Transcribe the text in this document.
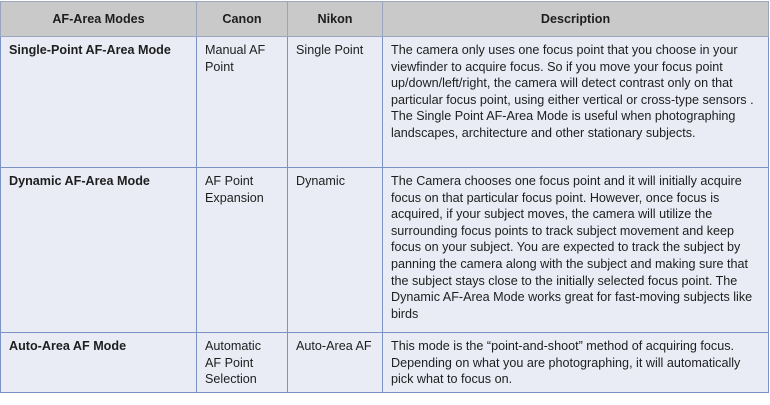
AF-Area Modes	Canon	Nikon	Description
Single-Point AF-Area Mode	Manual AF Point	Single Point	The camera only uses one focus point that you choose in your viewfinder to acquire focus. So if you move your focus point up/down/left/right, the camera will detect contrast only on that particular focus point, using either vertical or cross-type sensors . The Single Point AF-Area Mode is useful when photographing landscapes, architecture and other stationary subjects.
Dynamic AF-Area Mode	AF Point Expansion	Dynamic	The Camera chooses one focus point and it will initially acquire focus on that particular focus point. However, once focus is acquired, if your subject moves, the camera will utilize the surrounding focus points to track subject movement and keep focus on your subject. You are expected to track the subject by panning the camera along with the subject and making sure that the subject stays close to the initially selected focus point. The Dynamic AF-Area Mode works great for fast-moving subjects like birds
Auto-Area AF Mode	Automatic AF Point Selection	Auto-Area AF	This mode is the “point-and-shoot” method of acquiring focus. Depending on what you are photographing, it will automatically pick what to focus on.
